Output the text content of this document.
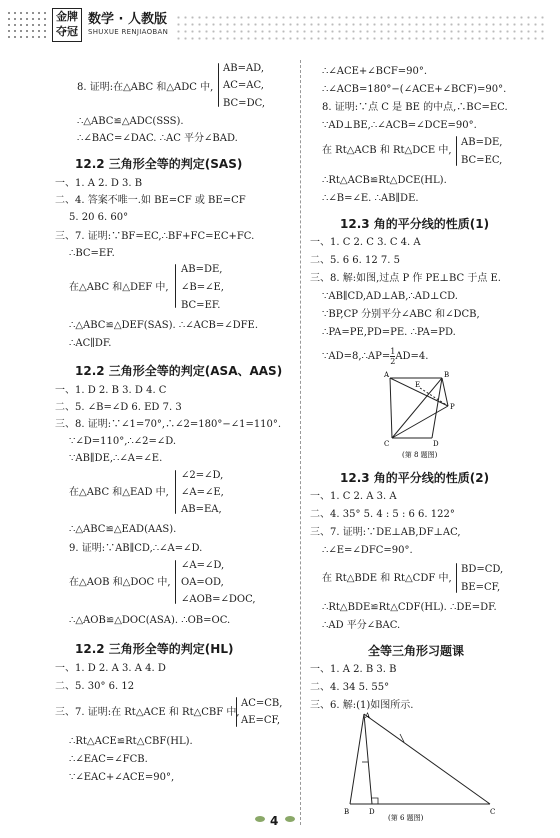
金牌
夺冠
数学 · 人教版
SHUXUE RENJIAOBAN
8. 证明:在△ABC 和△ADC 中,
AB=AD,
AC=AC,
BC=DC,
∴△ABC≌△ADC(SSS).
∴∠BAC=∠DAC. ∴AC 平分∠BAD.
12.2 三角形全等的判定(SAS)
一、1. A 2. D 3. B
二、4. 答案不唯一.如 BE=CF 或 BE=CF
5. 20 6. 60°
三、7. 证明:∵BF=EC,∴BF+FC=EC+FC.
∴BC=EF.
在△ABC 和△DEF 中,
AB=DE,
∠B=∠E,
BC=EF.
∴△ABC≌△DEF(SAS). ∴∠ACB=∠DFE.
∴AC∥DF.
12.2 三角形全等的判定(ASA、AAS)
一、1. D 2. B 3. D 4. C
二、5. ∠B=∠D 6. ED 7. 3
三、8. 证明:∵∠1=70°,∴∠2=180°−∠1=110°.
∵∠D=110°,∴∠2=∠D.
∵AB∥DE,∴∠A=∠E.
在△ABC 和△EAD 中,
∠2=∠D,
∠A=∠E,
AB=EA,
∴△ABC≌△EAD(AAS).
9. 证明:∵AB∥CD,∴∠A=∠D.
在△AOB 和△DOC 中,
∠A=∠D,
OA=OD,
∠AOB=∠DOC,
∴△AOB≌△DOC(ASA). ∴OB=OC.
12.2 三角形全等的判定(HL)
一、1. D 2. A 3. A 4. D
二、5. 30° 6. 12
三、7. 证明:在 Rt△ACE 和 Rt△CBF 中,
AC=CB,
AE=CF,
∴Rt△ACE≌Rt△CBF(HL).
∴∠EAC=∠FCB.
∵∠EAC+∠ACE=90°,
∴∠ACE+∠BCF=90°.
∴∠ACB=180°−(∠ACE+∠BCF)=90°.
8. 证明:∵点 C 是 BE 的中点,∴BC=EC.
∵AD⊥BE,∴∠ACB=∠DCE=90°.
在 Rt△ACB 和 Rt△DCE 中,
AB=DE,
BC=EC,
∴Rt△ACB≌Rt△DCE(HL).
∴∠B=∠E. ∴AB∥DE.
12.3 角的平分线的性质(1)
一、1. C 2. C 3. C 4. A
二、5. 6 6. 12 7. 5
三、8. 解:如图,过点 P 作 PE⊥BC 于点 E.
∵AB∥CD,AD⊥AB,∴AD⊥CD.
∵BP,CP 分别平分∠ABC 和∠DCB,
∴PA=PE,PD=PE. ∴PA=PD.
∵AD=8,∴AP= $\frac{1}{2} AD=4$.
A	B
C	D
E
P
(第 8 题图)
12.3 角的平分线的性质(2)
一、1. C 2. A 3. A
二、4. 35° 5. 4 : 5 : 6 6. 122°
三、7. 证明:∵DE⊥AB,DF⊥AC,
∴∠E=∠DFC=90°.
在 Rt△BDE 和 Rt△CDF 中,
BD=CD,
BE=CF,
∴Rt△BDE≌Rt△CDF(HL). ∴DE=DF.
∴AD 平分∠BAC.
全等三角形习题课
一、1. A 2. B 3. B
二、4. 34 5. 55°
三、6. 解:(1)如图所示.
A
B	D	C
(第 6 题图)
4
